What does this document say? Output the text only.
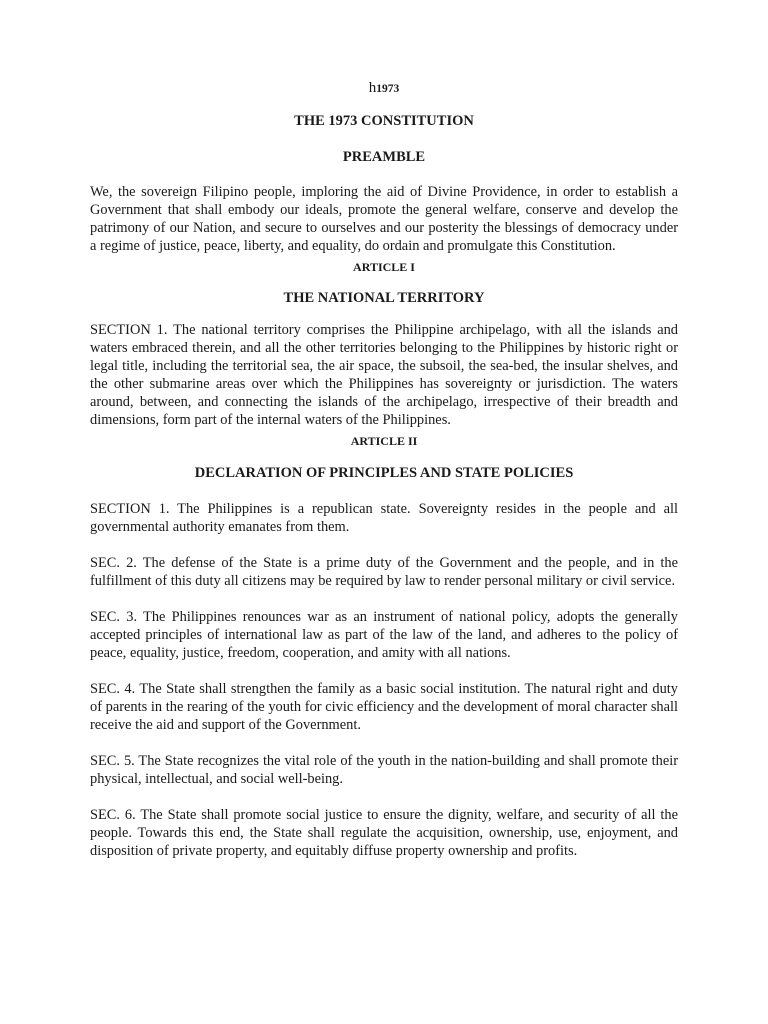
h1973
THE 1973 CONSTITUTION
PREAMBLE

We, the sovereign Filipino people, imploring the aid of Divine Providence, in order to establish a Government that shall embody our ideals, promote the general welfare, conserve and develop the patrimony of our Nation, and secure to ourselves and our posterity the blessings of democracy under a regime of justice, peace, liberty, and equality, do ordain and promulgate this Constitution.

ARTICLE I
THE NATIONAL TERRITORY

SECTION 1. The national territory comprises the Philippine archipelago, with all the islands and waters embraced therein, and all the other territories belonging to the Philippines by historic right or legal title, including the territorial sea, the air space, the subsoil, the sea-bed, the insular shelves, and the other submarine areas over which the Philippines has sovereignty or jurisdiction. The waters around, between, and connecting the islands of the archipelago, irrespective of their breadth and dimensions, form part of the internal waters of the Philippines.

ARTICLE II
DECLARATION OF PRINCIPLES AND STATE POLICIES

SECTION 1. The Philippines is a republican state. Sovereignty resides in the people and all governmental authority emanates from them.

SEC. 2. The defense of the State is a prime duty of the Government and the people, and in the fulfillment of this duty all citizens may be required by law to render personal military or civil service.

SEC. 3. The Philippines renounces war as an instrument of national policy, adopts the generally accepted principles of international law as part of the law of the land, and adheres to the policy of peace, equality, justice, freedom, cooperation, and amity with all nations.

SEC. 4. The State shall strengthen the family as a basic social institution. The natural right and duty of parents in the rearing of the youth for civic efficiency and the development of moral character shall receive the aid and support of the Government.

SEC. 5. The State recognizes the vital role of the youth in the nation-building and shall promote their physical, intellectual, and social well-being.

SEC. 6. The State shall promote social justice to ensure the dignity, welfare, and security of all the people. Towards this end, the State shall regulate the acquisition, ownership, use, enjoyment, and disposition of private property, and equitably diffuse property ownership and profits.
